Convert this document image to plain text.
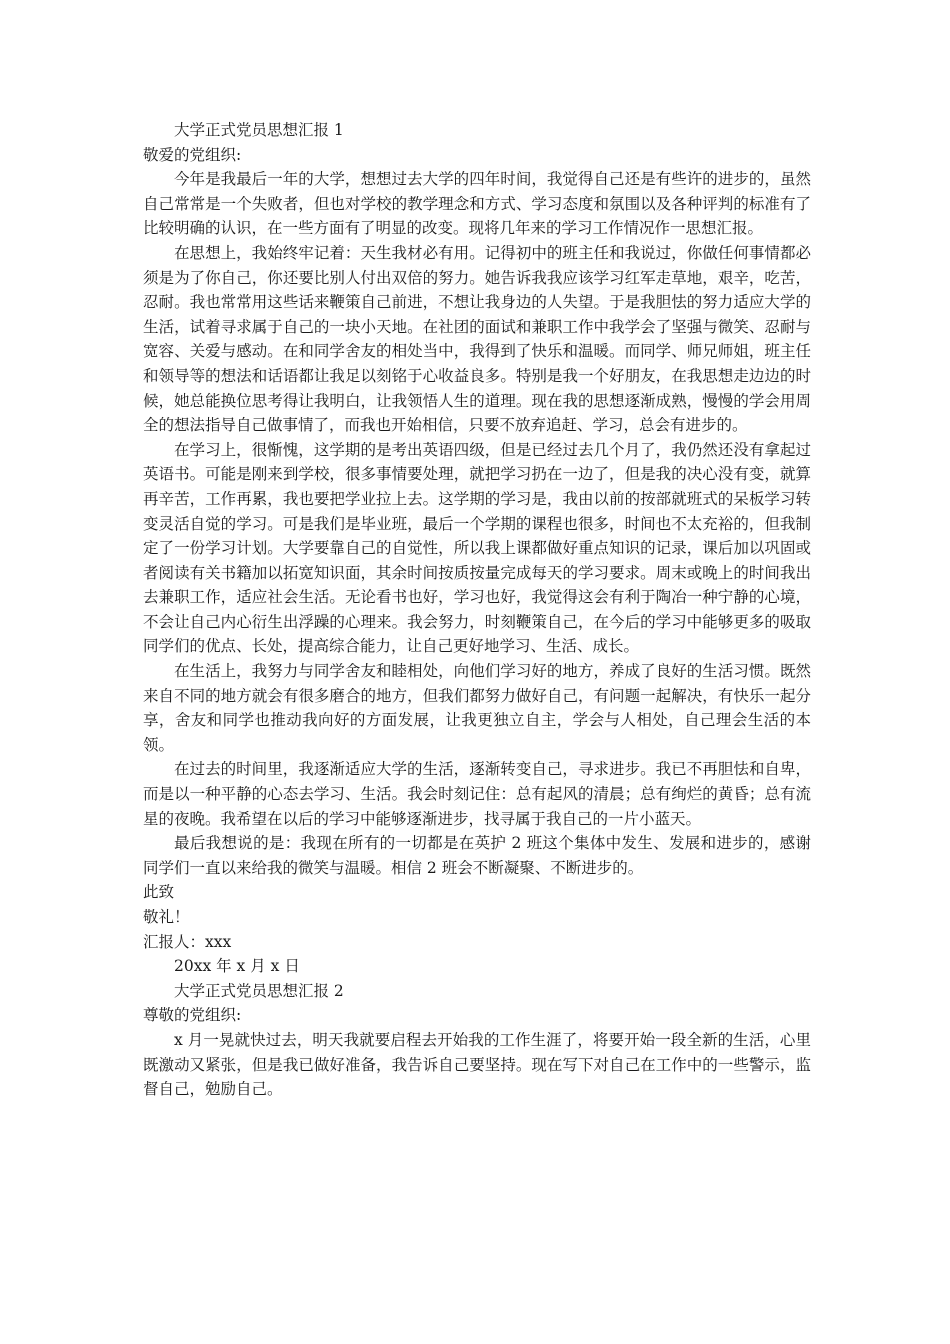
大学正式党员思想汇报 1

敬爱的党组织:

今年是我最后一年的大学，想想过去大学的四年时间，我觉得自己还是有些许的进步的，虽然自己常常是一个失败者，但也对学校的教学理念和方式、学习态度和氛围以及各种评判的标准有了比较明确的认识，在一些方面有了明显的改变。现将几年来的学习工作情况作一思想汇报。

在思想上，我始终牢记着：天生我材必有用。记得初中的班主任和我说过，你做任何事情都必须是为了你自己，你还要比别人付出双倍的努力。她告诉我我应该学习红军走草地，艰辛，吃苦，忍耐。我也常常用这些话来鞭策自己前进，不想让我身边的人失望。于是我胆怯的努力适应大学的生活，试着寻求属于自己的一块小天地。在社团的面试和兼职工作中我学会了坚强与微笑、忍耐与宽容、关爱与感动。在和同学舍友的相处当中，我得到了快乐和温暖。而同学、师兄师姐，班主任和领导等的想法和话语都让我足以刻铭于心收益良多。特别是我一个好朋友，在我思想走边边的时候，她总能换位思考得让我明白，让我领悟人生的道理。现在我的思想逐渐成熟，慢慢的学会用周全的想法指导自己做事情了，而我也开始相信，只要不放弃追赶、学习，总会有进步的。

在学习上，很惭愧，这学期的是考出英语四级，但是已经过去几个月了，我仍然还没有拿起过英语书。可能是刚来到学校，很多事情要处理，就把学习扔在一边了，但是我的决心没有变，就算再辛苦，工作再累，我也要把学业拉上去。这学期的学习是，我由以前的按部就班式的呆板学习转变灵活自觉的学习。可是我们是毕业班，最后一个学期的课程也很多，时间也不太充裕的，但我制定了一份学习计划。大学要靠自己的自觉性，所以我上课都做好重点知识的记录，课后加以巩固或者阅读有关书籍加以拓宽知识面，其余时间按质按量完成每天的学习要求。周末或晚上的时间我出去兼职工作，适应社会生活。无论看书也好，学习也好，我觉得这会有利于陶冶一种宁静的心境，不会让自己内心衍生出浮躁的心理来。我会努力，时刻鞭策自己，在今后的学习中能够更多的吸取同学们的优点、长处，提高综合能力，让自己更好地学习、生活、成长。

在生活上，我努力与同学舍友和睦相处，向他们学习好的地方，养成了良好的生活习惯。既然来自不同的地方就会有很多磨合的地方，但我们都努力做好自己，有问题一起解决，有快乐一起分享，舍友和同学也推动我向好的方面发展，让我更独立自主，学会与人相处，自己理会生活的本领。

在过去的时间里，我逐渐适应大学的生活，逐渐转变自己，寻求进步。我已不再胆怯和自卑，而是以一种平静的心态去学习、生活。我会时刻记住：总有起风的清晨；总有绚烂的黄昏；总有流星的夜晚。我希望在以后的学习中能够逐渐进步，找寻属于我自己的一片小蓝天。

最后我想说的是：我现在所有的一切都是在英护 2 班这个集体中发生、发展和进步的，感谢同学们一直以来给我的微笑与温暖。相信 2 班会不断凝聚、不断进步的。

此致

敬礼！

汇报人：xxx

20xx 年 x 月 x 日

大学正式党员思想汇报 2

尊敬的党组织:

x 月一晃就快过去，明天我就要启程去开始我的工作生涯了，将要开始一段全新的生活，心里既激动又紧张，但是我已做好准备，我告诉自己要坚持。现在写下对自己在工作中的一些警示，监督自己，勉励自己。
